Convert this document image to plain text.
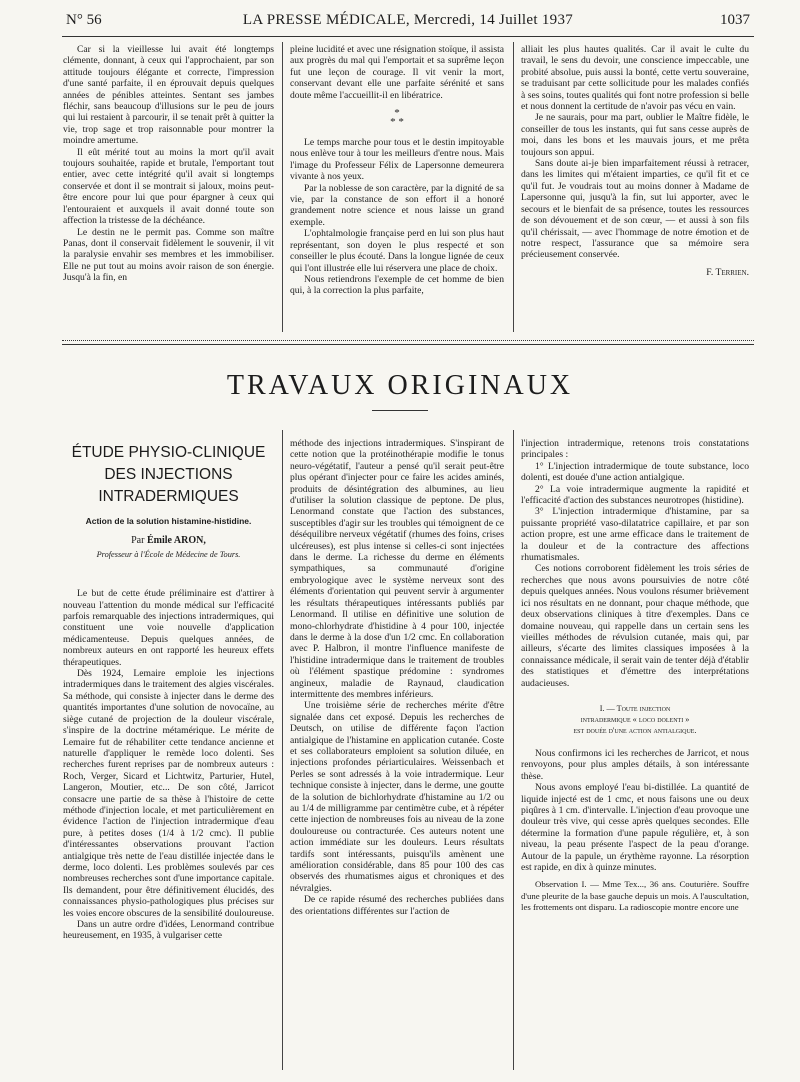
N° 56	LA PRESSE MÉDICALE, Mercredi, 14 Juillet 1937	1037

Car si la vieillesse lui avait été longtemps clémente, donnant, à ceux qui l'approchaient, par son attitude toujours élégante et correcte, l'impression d'une santé parfaite, il en éprouvait depuis quelques années de pénibles atteintes. Sentant ses jambes fléchir, sans beaucoup d'illusions sur le peu de jours qui lui restaient à parcourir, il se tenait prêt à quitter la vie, trop sage et trop raisonnable pour montrer la moindre amertume.

Il eût mérité tout au moins la mort qu'il avait toujours souhaitée, rapide et brutale, l'emportant tout entier, avec cette intégrité qu'il avait si longtemps conservée et dont il se montrait si jaloux, moins peut-être encore pour lui que pour épargner à ceux qui l'entouraient et auxquels il avait donné toute son affection la tristesse de la déchéance.

Le destin ne le permit pas. Comme son maître Panas, dont il conservait fidèlement le souvenir, il vit la paralysie envahir ses membres et les immobiliser. Elle ne put tout au moins avoir raison de son énergie. Jusqu'à la fin, en

pleine lucidité et avec une résignation stoïque, il assista aux progrès du mal qui l'emportait et sa suprême leçon fut une leçon de courage. Il vit venir la mort, conservant devant elle une parfaite sérénité et sans doute même l'accueillit-il en libératrice.

*
* *

Le temps marche pour tous et le destin impitoyable nous enlève tour à tour les meilleurs d'entre nous. Mais l'image du Professeur Félix de Lapersonne demeurera vivante à nos yeux.

Par la noblesse de son caractère, par la dignité de sa vie, par la constance de son effort il a honoré grandement notre science et nous laisse un grand exemple.

L'ophtalmologie française perd en lui son plus haut représentant, son doyen le plus respecté et son conseiller le plus écouté. Dans la longue lignée de ceux qui l'ont illustrée elle lui réservera une place de choix.

Nous retiendrons l'exemple de cet homme de bien qui, à la correction la plus parfaite,

alliait les plus hautes qualités. Car il avait le culte du travail, le sens du devoir, une conscience impeccable, une probité absolue, puis aussi la bonté, cette vertu souveraine, se traduisant par cette sollicitude pour les malades confiés à ses soins, toutes qualités qui font notre profession si belle et nous donnent la certitude de n'avoir pas vécu en vain.

Je ne saurais, pour ma part, oublier le Maître fidèle, le conseiller de tous les instants, qui fut sans cesse auprès de moi, dans les bons et les mauvais jours, et me prêta toujours son appui.

Sans doute ai-je bien imparfaitement réussi à retracer, dans les limites qui m'étaient imparties, ce qu'il fit et ce qu'il fut. Je voudrais tout au moins donner à Madame de Lapersonne qui, jusqu'à la fin, sut lui apporter, avec le secours et le bienfait de sa présence, toutes les ressources de son dévouement et de son cœur, — et aussi à son fils qu'il chérissait, — avec l'hommage de notre émotion et de notre respect, l'assurance que sa mémoire sera précieusement conservée.

F. Terrien.
TRAVAUX ORIGINAUX
ÉTUDE PHYSIO-CLINIQUE
DES INJECTIONS
INTRADERMIQUES
Action de la solution histamine-histidine.
Par Émile ARON,
Professeur à l'École de Médecine de Tours.

Le but de cette étude préliminaire est d'attirer à nouveau l'attention du monde médical sur l'efficacité parfois remarquable des injections intradermiques, qui constituent une voie nouvelle d'application médicamenteuse. Depuis quelques années, de nombreux auteurs en ont rapporté les heureux effets thérapeutiques.

Dès 1924, Lemaire emploie les injections intradermiques dans le traitement des algies viscérales. Sa méthode, qui consiste à injecter dans le derme des quantités importantes d'une solution de novocaïne, au siège cutané de projection de la douleur viscérale, s'inspire de la doctrine métamérique. Le mérite de Lemaire fut de réhabiliter cette tendance ancienne et naturelle d'appliquer le remède loco dolenti. Ses recherches furent reprises par de nombreux auteurs : Roch, Verger, Sicard et Lichtwitz, Parturier, Hutel, Langeron, Moutier, etc... De son côté, Jarricot consacre une partie de sa thèse à l'histoire de cette méthode d'injection locale, et met particulièrement en évidence l'action de l'injection intradermique d'eau pure, à petites doses (1/4 à 1/2 cmc). Il publie d'intéressantes observations prouvant l'action antialgique très nette de l'eau distillée injectée dans le derme, loco dolenti. Les problèmes soulevés par ces nombreuses recherches sont d'une importance capitale. Ils demandent, pour être définitivement élucidés, des connaissances physio-pathologiques plus précises sur les voies encore obscures de la sensibilité douloureuse.

Dans un autre ordre d'idées, Lenormand contribue heureusement, en 1935, à vulgariser cette

méthode des injections intradermiques. S'inspirant de cette notion que la protéinothérapie modifie le tonus neuro-végétatif, l'auteur a pensé qu'il serait peut-être plus opérant d'injecter pour ce faire les acides aminés, produits de désintégration des albumines, au lieu d'utiliser la solution classique de peptone. De plus, Lenormand constate que l'action des substances, susceptibles d'agir sur les troubles qui témoignent de ce déséquilibre nerveux végétatif (rhumes des foins, crises ulcéreuses), est plus intense si celles-ci sont injectées dans le derme. La richesse du derme en éléments sympathiques, sa communauté d'origine embryologique avec le système nerveux sont des éléments d'orientation qui peuvent servir à argumenter les résultats thérapeutiques intéressants publiés par Lenormand. Il utilise en définitive une solution de mono-chlorhydrate d'histidine à 4 pour 100, injectée dans le derme à la dose d'un 1/2 cmc. En collaboration avec P. Halbron, il montre l'influence manifeste de l'histidine intradermique dans le traitement de troubles où l'élément spastique prédomine : syndromes angineux, maladie de Raynaud, claudication intermittente des membres inférieurs.

Une troisième série de recherches mérite d'être signalée dans cet exposé. Depuis les recherches de Deutsch, on utilise de différente façon l'action antialgique de l'histamine en application cutanée. Coste et ses collaborateurs emploient sa solution diluée, en injections profondes périarticulaires. Weissenbach et Perles se sont adressés à la voie intradermique. Leur technique consiste à injecter, dans le derme, une goutte de la solution de bichlorhydrate d'histamine au 1/2 ou au 1/4 de milligramme par centimètre cube, et à répéter cette injection de nombreuses fois au niveau de la zone douloureuse ou contracturée. Ces auteurs notent une action immédiate sur les douleurs. Leurs résultats tardifs sont intéressants, puisqu'ils amènent une amélioration considérable, dans 85 pour 100 des cas observés des rhumatismes aigus et chroniques et des névralgies.

De ce rapide résumé des recherches publiées dans des orientations différentes sur l'action de

l'injection intradermique, retenons trois constatations principales :

1° L'injection intradermique de toute substance, loco dolenti, est douée d'une action antialgique.

2° La voie intradermique augmente la rapidité et l'efficacité d'action des substances neurotropes (histidine).

3° L'injection intradermique d'histamine, par sa puissante propriété vaso-dilatatrice capillaire, et par son action propre, est une arme efficace dans le traitement de la douleur et de la contracture des affections rhumatismales.

Ces notions corroborent fidèlement les trois séries de recherches que nous avons poursuivies de notre côté depuis quelques années. Nous voulons résumer brièvement ici nos résultats en ne donnant, pour chaque méthode, que deux observations cliniques à titre d'exemples. Dans ce domaine nouveau, qui rappelle dans un certain sens les vieilles méthodes de révulsion cutanée, mais qui, par ailleurs, s'écarte des limites classiques imposées à la connaissance médicale, il serait vain de tenter déjà d'établir des statistiques et d'émettre des interprétations audacieuses.

I. — Toute injection
intradermique « loco dolenti »
est douée d'une action antialgique.

Nous confirmons ici les recherches de Jarricot, et nous renvoyons, pour plus amples détails, à son intéressante thèse.

Nous avons employé l'eau bi-distillée. La quantité de liquide injecté est de 1 cmc, et nous faisons une ou deux piqûres à 1 cm. d'intervalle. L'injection d'eau provoque une douleur très vive, qui cesse après quelques secondes. Elle détermine la formation d'une papule régulière, et, à son niveau, la peau présente l'aspect de la peau d'orange. Autour de la papule, un érythème rayonne. La résorption est rapide, en dix à quinze minutes.

Observation I. — Mme Tex..., 36 ans. Couturière. Souffre d'une pleurite de la base gauche depuis un mois. A l'auscultation, les frottements ont disparu. La radioscopie montre encore une
